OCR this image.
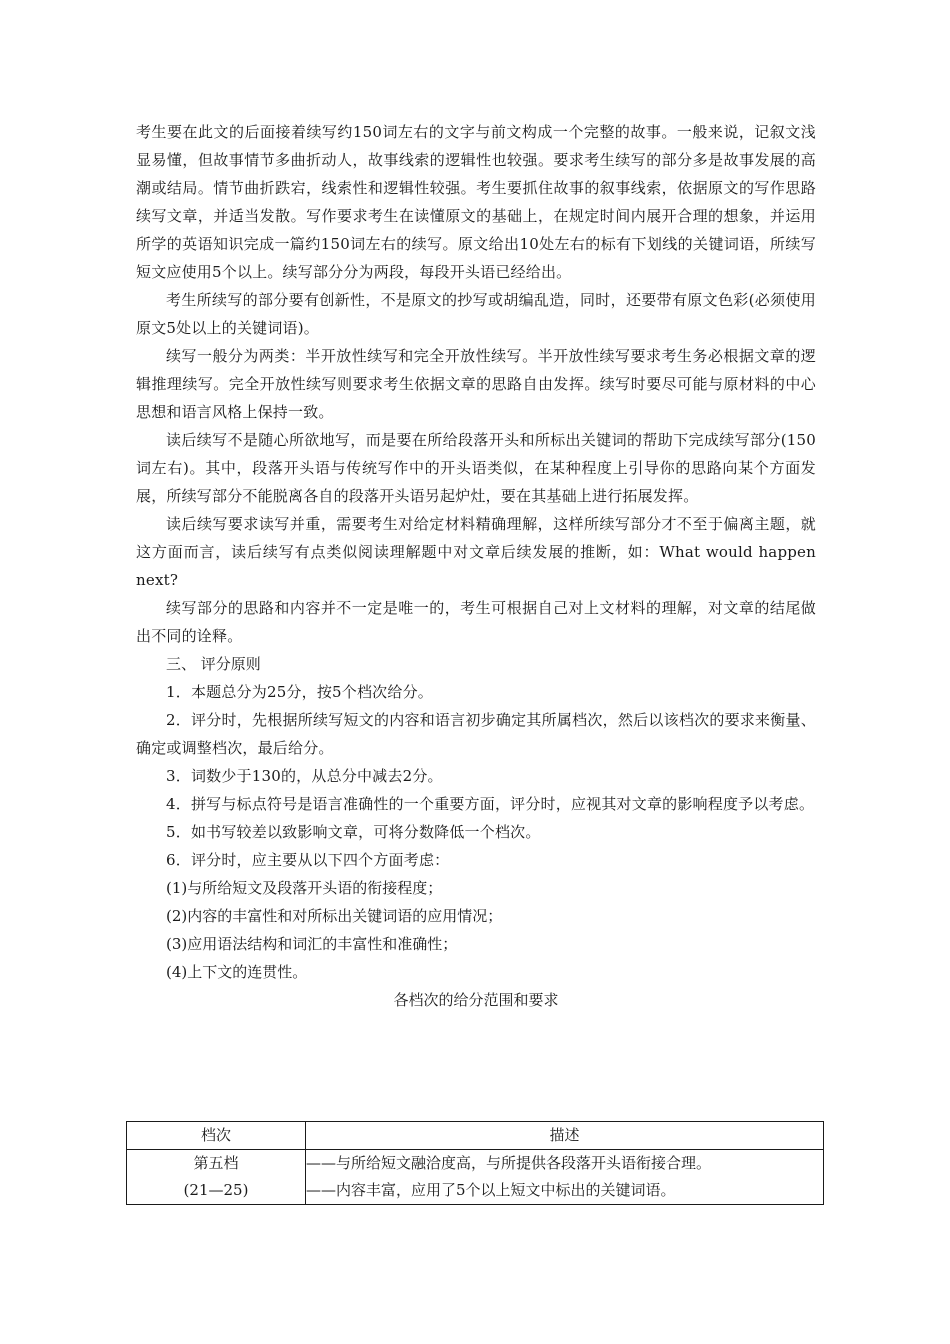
考生要在此文的后面接着续写约150词左右的文字与前文构成一个完整的故事。一般来说，记叙文浅显易懂，但故事情节多曲折动人，故事线索的逻辑性也较强。要求考生续写的部分多是故事发展的高潮或结局。情节曲折跌宕，线索性和逻辑性较强。考生要抓住故事的叙事线索，依据原文的写作思路续写文章，并适当发散。写作要求考生在读懂原文的基础上，在规定时间内展开合理的想象，并运用所学的英语知识完成一篇约150词左右的续写。原文给出10处左右的标有下划线的关键词语，所续写短文应使用5个以上。续写部分分为两段，每段开头语已经给出。

考生所续写的部分要有创新性，不是原文的抄写或胡编乱造，同时，还要带有原文色彩(必须使用原文5处以上的关键词语)。

续写一般分为两类：半开放性续写和完全开放性续写。半开放性续写要求考生务必根据文章的逻辑推理续写。完全开放性续写则要求考生依据文章的思路自由发挥。续写时要尽可能与原材料的中心思想和语言风格上保持一致。

读后续写不是随心所欲地写，而是要在所给段落开头和所标出关键词的帮助下完成续写部分(150词左右)。其中，段落开头语与传统写作中的开头语类似，在某种程度上引导你的思路向某个方面发展，所续写部分不能脱离各自的段落开头语另起炉灶，要在其基础上进行拓展发挥。

读后续写要求读写并重，需要考生对给定材料精确理解，这样所续写部分才不至于偏离主题，就这方面而言，读后续写有点类似阅读理解题中对文章后续发展的推断，如：What would happen next?

续写部分的思路和内容并不一定是唯一的，考生可根据自己对上文材料的理解，对文章的结尾做出不同的诠释。

三、 评分原则

1．本题总分为25分，按5个档次给分。

2．评分时，先根据所续写短文的内容和语言初步确定其所属档次，然后以该档次的要求来衡量、确定或调整档次，最后给分。

3．词数少于130的，从总分中减去2分。

4．拼写与标点符号是语言准确性的一个重要方面，评分时，应视其对文章的影响程度予以考虑。

5．如书写较差以致影响文章，可将分数降低一个档次。

6．评分时，应主要从以下四个方面考虑：

(1)与所给短文及段落开头语的衔接程度；

(2)内容的丰富性和对所标出关键词语的应用情况；

(3)应用语法结构和词汇的丰富性和准确性；

(4)上下文的连贯性。

各档次的给分范围和要求

档次	描述

第五档
(21—25)	——与所给短文融洽度高，与所提供各段落开头语衔接合理。
——内容丰富，应用了5个以上短文中标出的关键词语。
